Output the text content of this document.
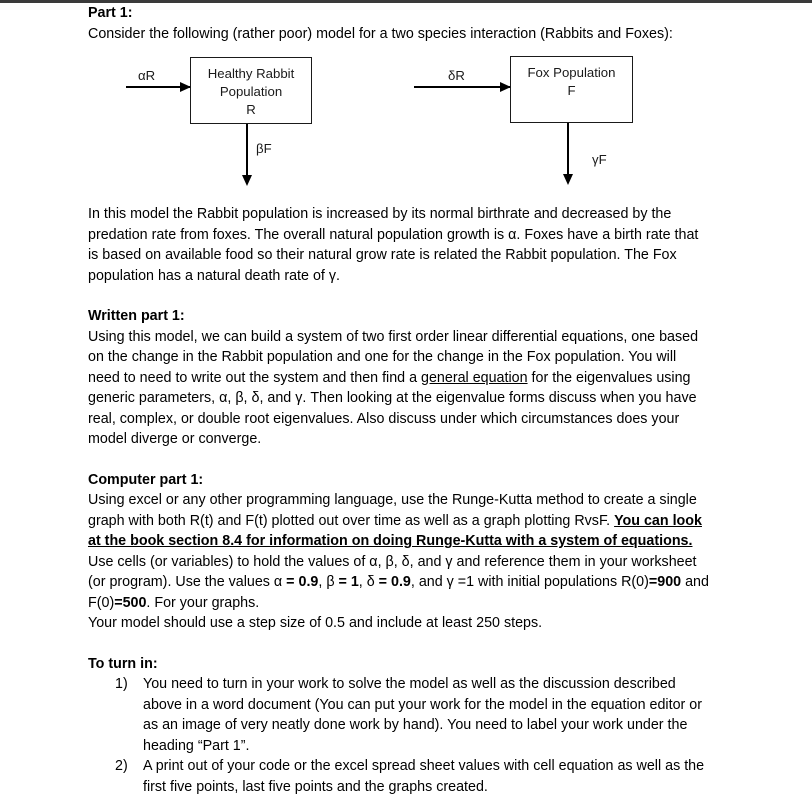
Part 1:

Consider the following (rather poor) model for a two species interaction (Rabbits and Foxes):

Healthy Rabbit
Population
R
Fox Population
F
αR
βF
δR
γF

In this model the Rabbit population is increased by its normal birthrate and decreased by the predation rate from foxes. The overall natural population growth is α. Foxes have a birth rate that is based on available food so their natural grow rate is related the Rabbit population. The Fox population has a natural death rate of γ.

Written part 1:

Using this model, we can build a system of two first order linear differential equations, one based on the change in the Rabbit population and one for the change in the Fox population. You will need to need to write out the system and then find a general equation for the eigenvalues using generic parameters, α, β, δ, and γ. Then looking at the eigenvalue forms discuss when you have real, complex, or double root eigenvalues. Also discuss under which circumstances does your model diverge or converge.

Computer part 1:

Using excel or any other programming language, use the Runge-Kutta method to create a single graph with both R(t) and F(t) plotted out over time as well as a graph plotting RvsF. You can look at the book section 8.4 for information on doing Runge-Kutta with a system of equations.

Use cells (or variables) to hold the values of α, β, δ, and γ and reference them in your worksheet (or program). Use the values α = 0.9, β = 1, δ = 0.9, and γ =1 with initial populations R(0)=900 and F(0)=500. For your graphs.

Your model should use a step size of 0.5 and include at least 250 steps.

To turn in:
1)	You need to turn in your work to solve the model as well as the discussion described above in a word document (You can put your work for the model in the equation editor or as an image of very neatly done work by hand). You need to label your work under the heading “Part 1”.
2)	A print out of your code or the excel spread sheet values with cell equation as well as the first five points, last five points and the graphs created.
